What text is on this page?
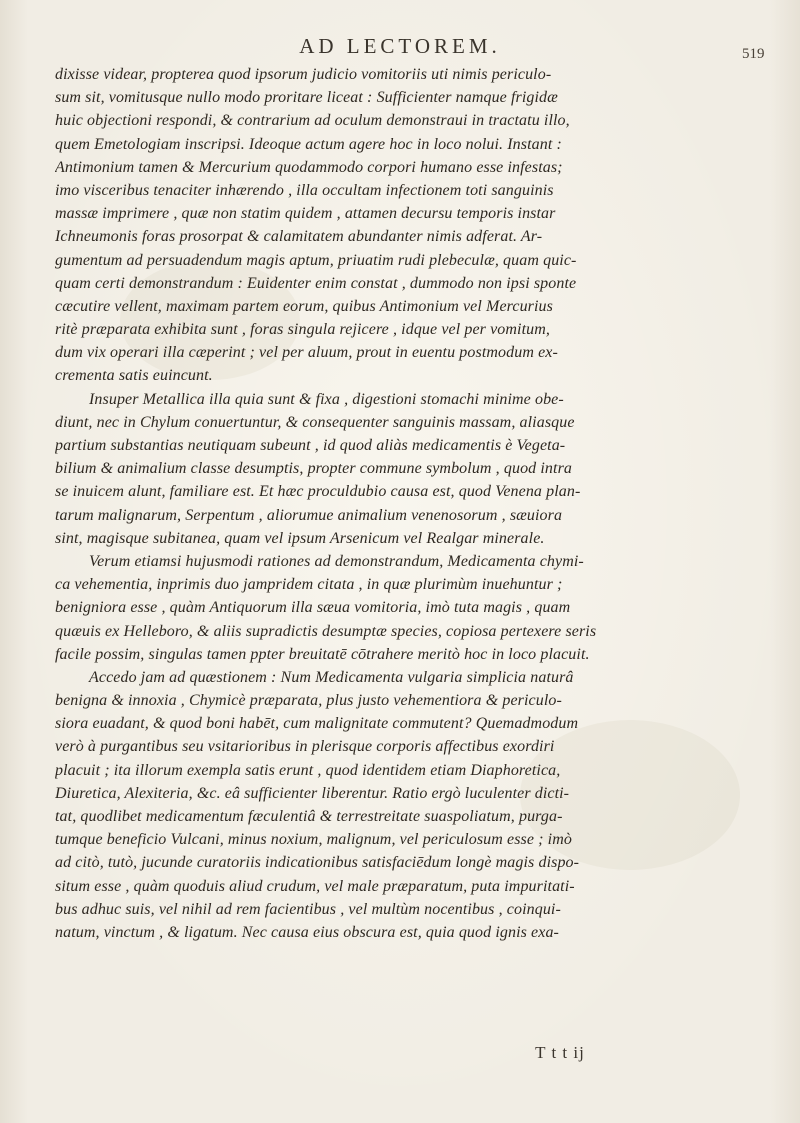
AD LECTOREM.	519
dixisse videar, propterea quod ipsorum judicio vomitoriis uti nimis periculo-
sum sit, vomitusque nullo modo proritare liceat : Sufficienter namque frigidæ
huic objectioni respondi, & contrarium ad oculum demonstraui in tractatu illo,
quem Emetologiam inscripsi. Ideoque actum agere hoc in loco nolui. Instant :
Antimonium tamen & Mercurium quodammodo corpori humano esse infestas;
imo visceribus tenaciter inhærendo , illa occultam infectionem toti sanguinis
massæ imprimere , quæ non statim quidem , attamen decursu temporis instar
Ichneumonis foras prosorpat & calamitatem abundanter nimis adferat. Ar-
gumentum ad persuadendum magis aptum, priuatim rudi plebeculæ, quam quic-
quam certi demonstrandum : Euidenter enim constat , dummodo non ipsi sponte
cæcutire vellent, maximam partem eorum, quibus Antimonium vel Mercurius
ritè præparata exhibita sunt , foras singula rejicere , idque vel per vomitum,
dum vix operari illa cæperint ; vel per aluum, prout in euentu postmodum ex-
crementa satis euincunt.
Insuper Metallica illa quia sunt & fixa , digestioni stomachi minime obe-
diunt, nec in Chylum conuertuntur, & consequenter sanguinis massam, aliasque
partium substantias neutiquam subeunt , id quod aliàs medicamentis è Vegeta-
bilium & animalium classe desumptis, propter commune symbolum , quod intra
se inuicem alunt, familiare est. Et hæc proculdubio causa est, quod Venena plan-
tarum malignarum, Serpentum , aliorumue animalium venenosorum , sæuiora
sint, magisque subitanea, quam vel ipsum Arsenicum vel Realgar minerale.
Verum etiamsi hujusmodi rationes ad demonstrandum, Medicamenta chymi-
ca vehementia, inprimis duo jampridem citata , in quæ plurimùm inuehuntur ;
benigniora esse , quàm Antiquorum illa sæua vomitoria, imò tuta magis , quam
quæuis ex Helleboro, & aliis supradictis desumptæ species, copiosa pertexere seris
facile possim, singulas tamen ppter breuitatē cōtrahere meritò hoc in loco placuit.
Accedo jam ad quæstionem : Num Medicamenta vulgaria simplicia naturâ
benigna & innoxia , Chymicè præparata, plus justo vehementiora & periculo-
siora euadant, & quod boni habēt, cum malignitate commutent? Quemadmodum
verò à purgantibus seu vsitarioribus in plerisque corporis affectibus exordiri
placuit ; ita illorum exempla satis erunt , quod identidem etiam Diaphoretica,
Diuretica, Alexiteria, &c. eâ sufficienter liberentur. Ratio ergò luculenter dicti-
tat, quodlibet medicamentum fæculentiâ & terrestreitate suaspoliatum, purga-
tumque beneficio Vulcani, minus noxium, malignum, vel periculosum esse ; imò
ad citò, tutò, jucunde curatoriis indicationibus satisfaciēdum longè magis dispo-
situm esse , quàm quoduis aliud crudum, vel male præparatum, puta impuritati-
bus adhuc suis, vel nihil ad rem facientibus , vel multùm nocentibus , coinqui-
natum, vinctum , & ligatum. Nec causa eius obscura est, quia quod ignis exa-
T t t ij
